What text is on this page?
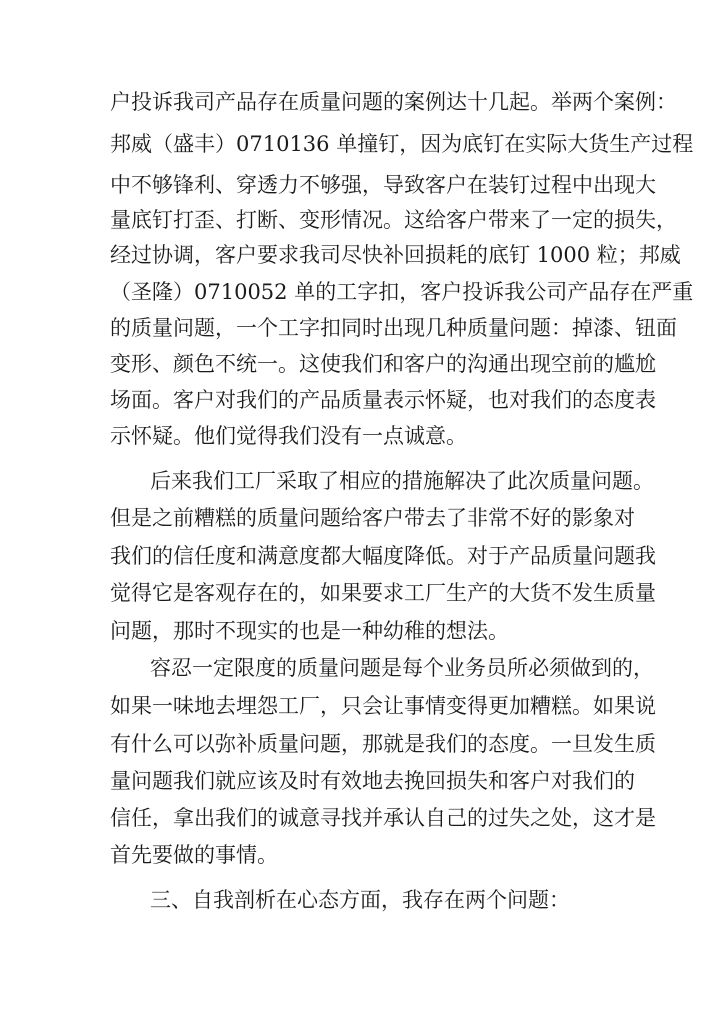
户投诉我司产品存在质量问题的案例达十几起。举两个案例：
邦威（盛丰）0710136 单撞钉，因为底钉在实际大货生产过程
中不够锋利、穿透力不够强，导致客户在装钉过程中出现大
量底钉打歪、打断、变形情况。这给客户带来了一定的损失，
经过协调，客户要求我司尽快补回损耗的底钉 1000 粒；邦威
（圣隆）0710052 单的工字扣，客户投诉我公司产品存在严重
的质量问题，一个工字扣同时出现几种质量问题：掉漆、钮面
变形、颜色不统一。这使我们和客户的沟通出现空前的尴尬
场面。客户对我们的产品质量表示怀疑，也对我们的态度表
示怀疑。他们觉得我们没有一点诚意。
后来我们工厂采取了相应的措施解决了此次质量问题。
但是之前糟糕的质量问题给客户带去了非常不好的影象对
我们的信任度和满意度都大幅度降低。对于产品质量问题我
觉得它是客观存在的，如果要求工厂生产的大货不发生质量
问题，那时不现实的也是一种幼稚的想法。
容忍一定限度的质量问题是每个业务员所必须做到的，
如果一味地去埋怨工厂，只会让事情变得更加糟糕。如果说
有什么可以弥补质量问题，那就是我们的态度。一旦发生质
量问题我们就应该及时有效地去挽回损失和客户对我们的
信任，拿出我们的诚意寻找并承认自己的过失之处，这才是
首先要做的事情。
三、自我剖析在心态方面，我存在两个问题：
